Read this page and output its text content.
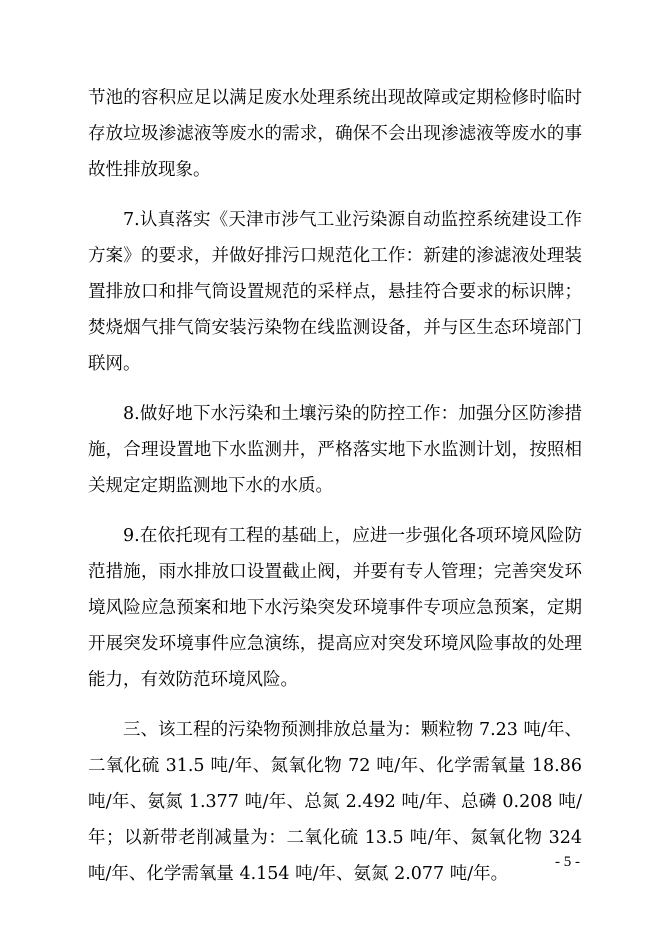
节池的容积应足以满足废水处理系统出现故障或定期检修时临时存放垃圾渗滤液等废水的需求，确保不会出现渗滤液等废水的事故性排放现象。

7.认真落实《天津市涉气工业污染源自动监控系统建设工作方案》的要求，并做好排污口规范化工作：新建的渗滤液处理装置排放口和排气筒设置规范的采样点，悬挂符合要求的标识牌；焚烧烟气排气筒安装污染物在线监测设备，并与区生态环境部门联网。

8.做好地下水污染和土壤污染的防控工作：加强分区防渗措施，合理设置地下水监测井，严格落实地下水监测计划，按照相关规定定期监测地下水的水质。

9.在依托现有工程的基础上，应进一步强化各项环境风险防范措施，雨水排放口设置截止阀，并要有专人管理；完善突发环境风险应急预案和地下水污染突发环境事件专项应急预案，定期开展突发环境事件应急演练，提高应对突发环境风险事故的处理能力，有效防范环境风险。

三、该工程的污染物预测排放总量为：颗粒物 7.23 吨/年、二氧化硫 31.5 吨/年、氮氧化物 72 吨/年、化学需氧量 18.86 吨/年、氨氮 1.377 吨/年、总氮 2.492 吨/年、总磷 0.208 吨/年；以新带老削减量为：二氧化硫 13.5 吨/年、氮氧化物 324 吨/年、化学需氧量 4.154 吨/年、氨氮 2.077 吨/年。

- 5 -
